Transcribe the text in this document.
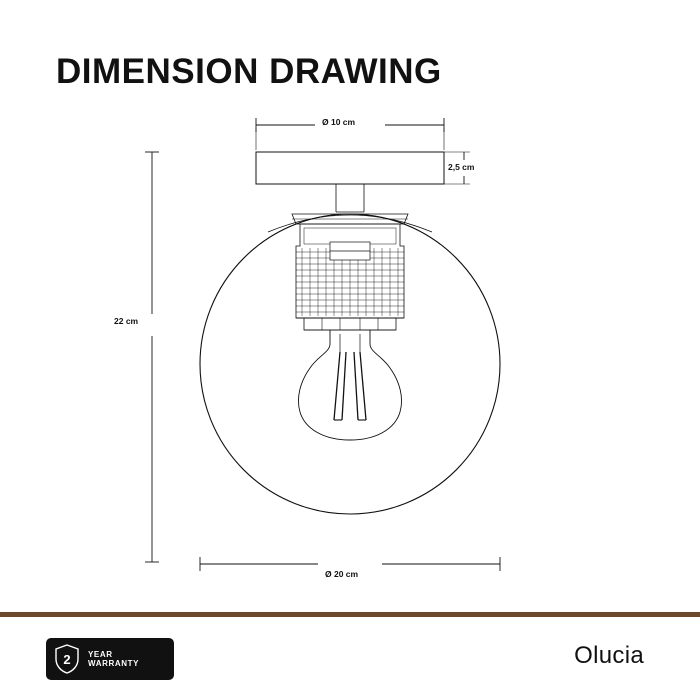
DIMENSION DRAWING
Ø 10 cm
2,5 cm
22 cm
Ø 20 cm
2	YEAR
WARRANTY	Olucia
